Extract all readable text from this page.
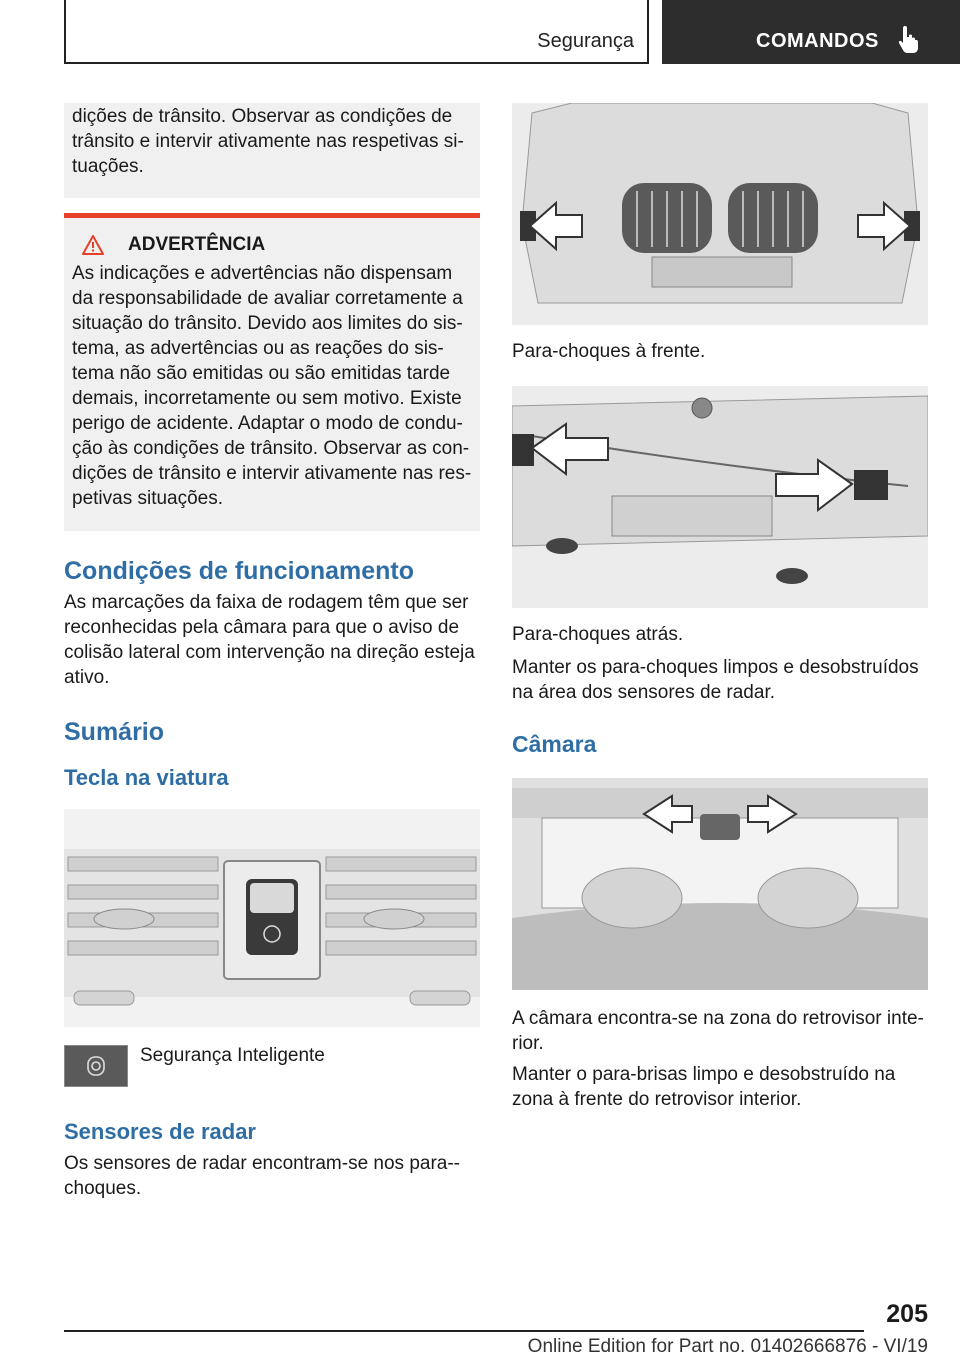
Segurança	COMANDOS

dições de trânsito. Observar as condições de trânsito e intervir ativamente nas respetivas si-tuações.

ADVERTÊNCIA

As indicações e advertências não dispensam da responsabilidade de avaliar corretamente a situação do trânsito. Devido aos limites do sis-tema, as advertências ou as reações do sis-tema não são emitidas ou são emitidas tarde demais, incorretamente ou sem motivo. Existe perigo de acidente. Adaptar o modo de condu-ção às condições de trânsito. Observar as con-dições de trânsito e intervir ativamente nas res-petivas situações.

Condições de funcionamento

As marcações da faixa de rodagem têm que ser reconhecidas pela câmara para que o aviso de colisão lateral com intervenção na direção esteja ativo.

Sumário
Tecla na viatura
Segurança Inteligente
Sensores de radar

Os sensores de radar encontram-se nos para--choques.

Para-choques à frente.
Para-choques atrás.

Manter os para-choques limpos e desobstruídos na área dos sensores de radar.

Câmara

A câmara encontra-se na zona do retrovisor inte-rior.

Manter o para-brisas limpo e desobstruído na zona à frente do retrovisor interior.

205
Online Edition for Part no. 01402666876 - VI/19
